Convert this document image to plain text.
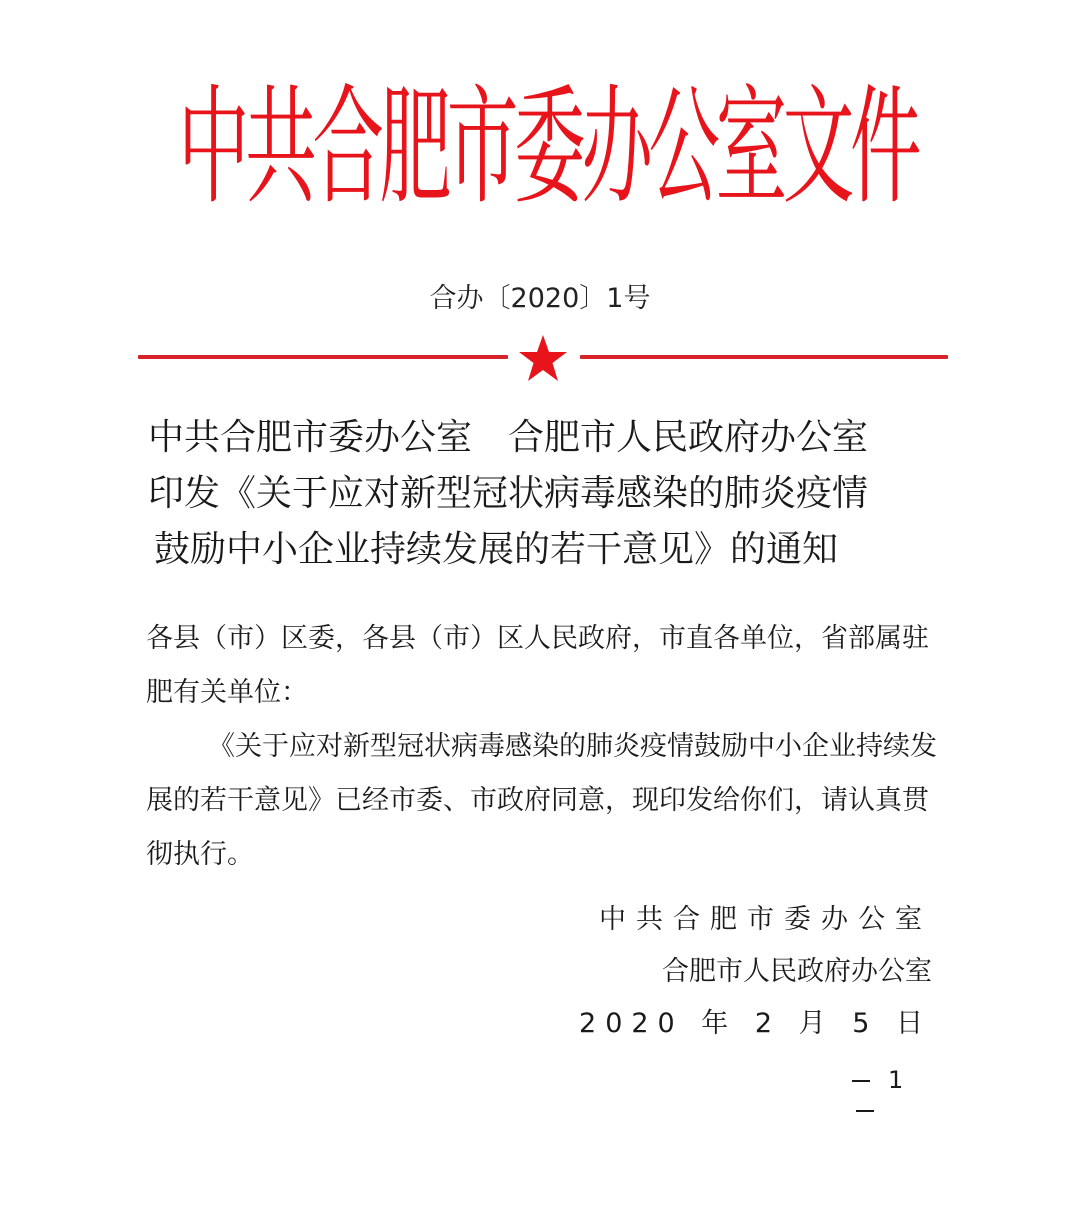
中共合肥市委办公室文件
合办〔2020〕1号
中共合肥市委办公室　合肥市人民政府办公室
印发《关于应对新型冠状病毒感染的肺炎疫情
鼓励中小企业持续发展的若干意见》的通知

各县（市）区委，各县（市）区人民政府，市直各单位，省部属驻肥有关单位：

《关于应对新型冠状病毒感染的肺炎疫情鼓励中小企业持续发展的若干意见》已经市委、市政府同意，现印发给你们，请认真贯彻执行。

中共合肥市委办公室
合肥市人民政府办公室
2020 年 2 月 5 日
1
